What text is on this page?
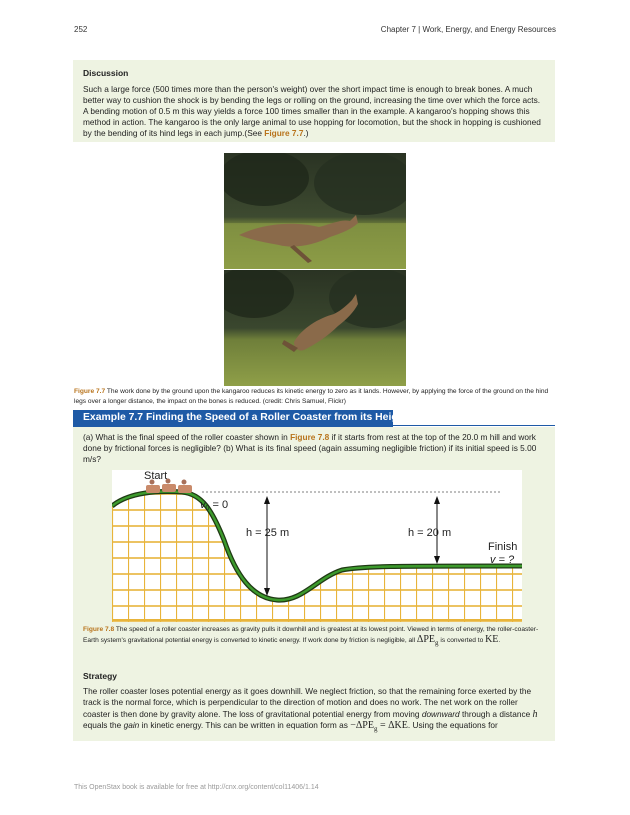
252	Chapter 7 | Work, Energy, and Energy Resources
Discussion
Such a large force (500 times more than the person's weight) over the short impact time is enough to break bones. A much better way to cushion the shock is by bending the legs or rolling on the ground, increasing the time over which the force acts. A bending motion of 0.5 m this way yields a force 100 times smaller than in the example. A kangaroo's hopping shows this method in action. The kangaroo is the only large animal to use hopping for locomotion, but the shock in hopping is cushioned by the bending of its hind legs in each jump.(See Figure 7.7.)
Figure 7.7 The work done by the ground upon the kangaroo reduces its kinetic energy to zero as it lands. However, by applying the force of the ground on the hind legs over a longer distance, the impact on the bones is reduced. (credit: Chris Samuel, Flickr)
Example 7.7 Finding the Speed of a Roller Coaster from its Height
(a) What is the final speed of the roller coaster shown in Figure 7.8 if it starts from rest at the top of the 20.0 m hill and work done by frictional forces is negligible? (b) What is its final speed (again assuming negligible friction) if its initial speed is 5.00 m/s?
Start
v0 = 0
h = 25 m	h = 20 m
Finish
v = ?
Figure 7.8 The speed of a roller coaster increases as gravity pulls it downhill and is greatest at its lowest point. Viewed in terms of energy, the roller-coaster-Earth system's gravitational potential energy is converted to kinetic energy. If work done by friction is negligible, all $\Delta PE_g$ is converted to KE.
Strategy
The roller coaster loses potential energy as it goes downhill. We neglect friction, so that the remaining force exerted by the track is the normal force, which is perpendicular to the direction of motion and does no work. The net work on the roller coaster is then done by gravity alone. The loss of gravitational potential energy from moving downward through a distance h equals the gain in kinetic energy. This can be written in equation form as $-\Delta PE_g = \Delta KE$. Using the equations for
This OpenStax book is available for free at http://cnx.org/content/col11406/1.14
